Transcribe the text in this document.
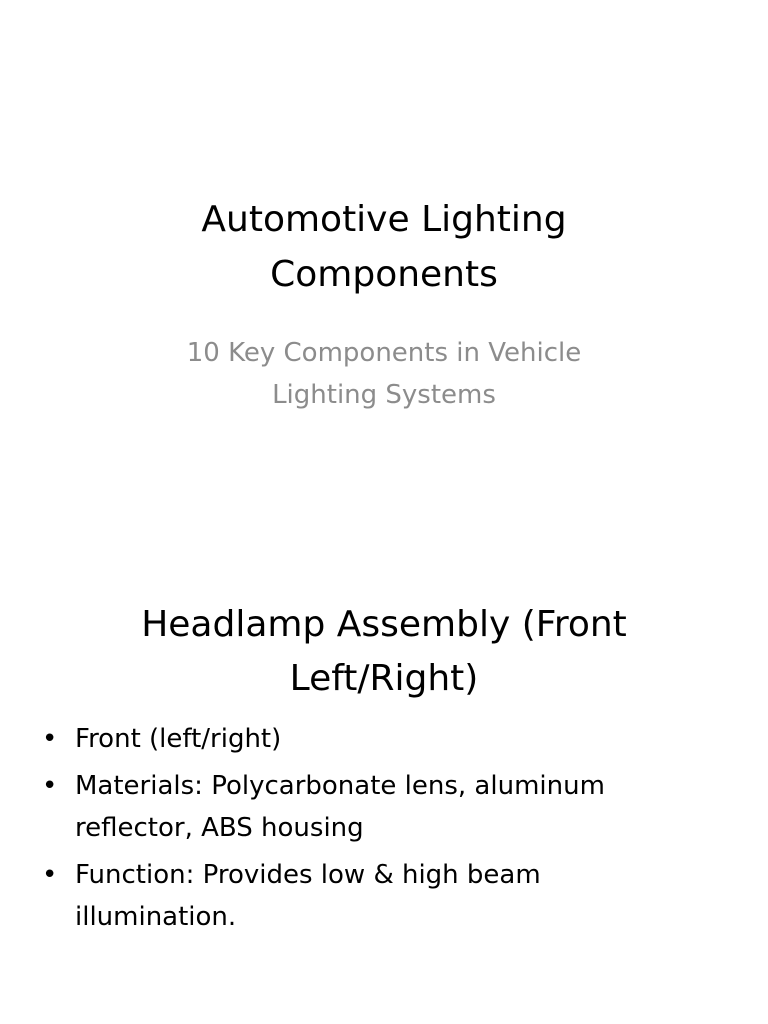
Automotive Lighting
Components

10 Key Components in Vehicle
Lighting Systems

Headlamp Assembly (Front
Left/Right)
• Front (left/right)
• Materials: Polycarbonate lens, aluminum
reflector, ABS housing
• Function: Provides low & high beam
illumination.
